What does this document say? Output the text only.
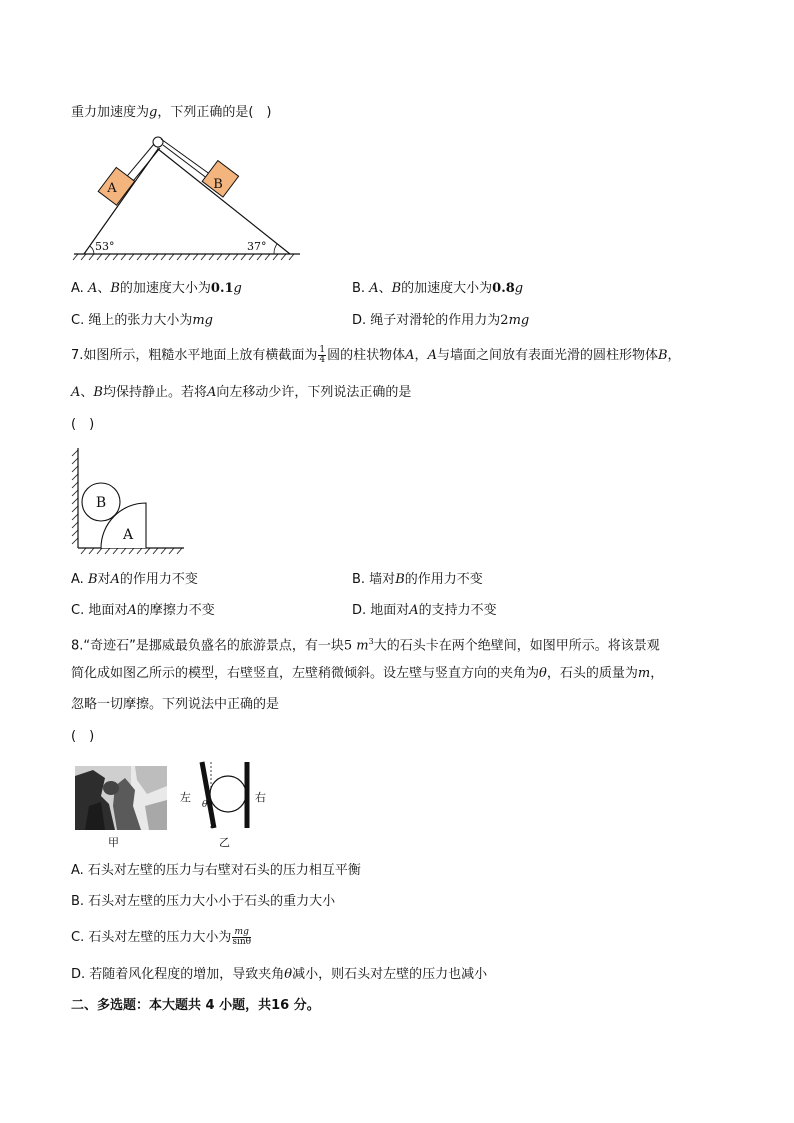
重力加速度为g，下列正确的是(　)
A	B
53°	37°
A. A、B的加速度大小为0.1g	B. A、B的加速度大小为0.8g
C. 绳上的张力大小为mg	D. 绳子对滑轮的作用力为2mg
7.如图所示，粗糙水平地面上放有横截面为 $\frac{1}{4}$ 圆的柱状物体A，A与墙面之间放有表面光滑的圆柱形物体B，
A、B均保持静止。若将A向左移动少许，下列说法正确的是
(　)
A
B
A. B对A的作用力不变	B. 墙对B的作用力不变
C. 地面对A的摩擦力不变	D. 地面对A的支持力不变
8.“奇迹石”是挪威最负盛名的旅游景点，有一块5 $m^3$大的石头卡在两个绝壁间，如图甲所示。将该景观
简化成如图乙所示的模型，右壁竖直，左壁稍微倾斜。设左壁与竖直方向的夹角为θ，石头的质量为m，
忽略一切摩擦。下列说法中正确的是
(　)
甲
左
θ
右
乙
A. 石头对左壁的压力与右壁对石头的压力相互平衡
B. 石头对左壁的压力大小小于石头的重力大小
C. 石头对左壁的压力大小为 $\frac{mg}{\sin\theta}$
D. 若随着风化程度的增加，导致夹角θ减小，则石头对左壁的压力也减小
二、多选题：本大题共 4 小题，共16 分。
